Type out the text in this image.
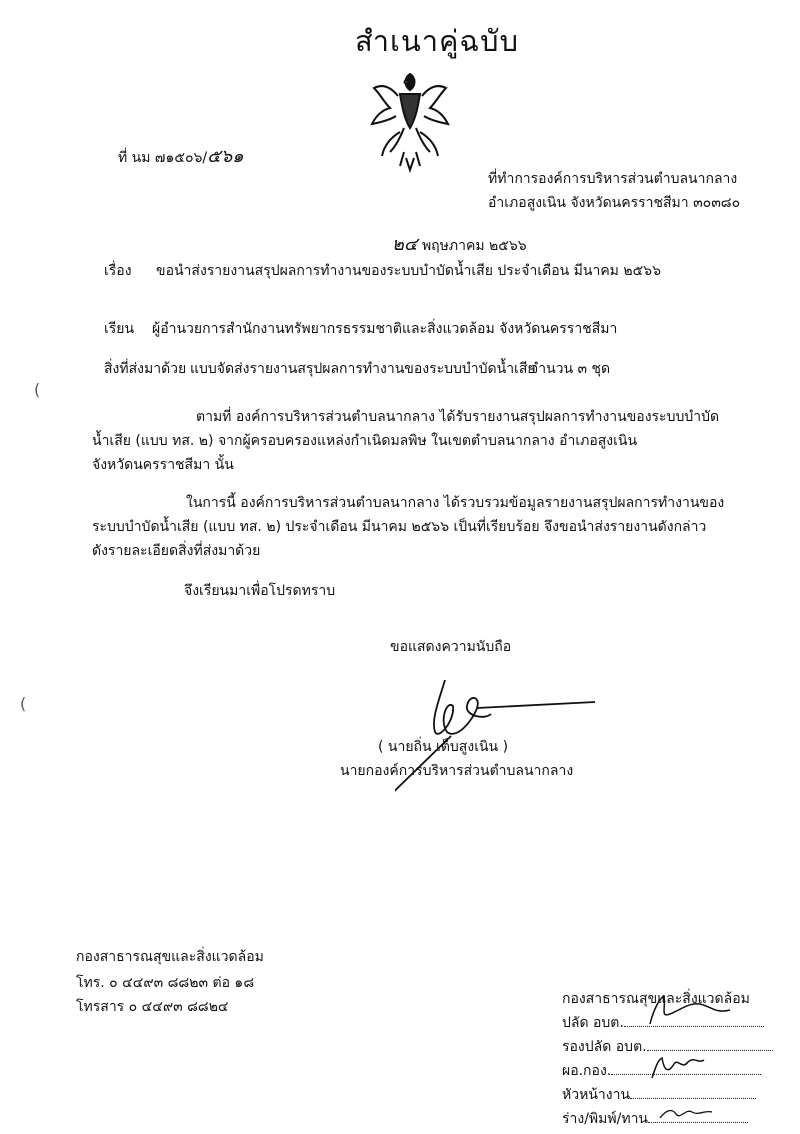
สำเนาคู่ฉบับ
ที่ นม ๗๑๕๐๖/๕๖๑
ที่ทำการองค์การบริหารส่วนตำบลนากลาง
อำเภอสูงเนิน จังหวัดนครราชสีมา ๓๐๓๘๐
๒๔ พฤษภาคม ๒๕๖๖
เรื่อง ขอนำส่งรายงานสรุปผลการทำงานของระบบบำบัดน้ำเสีย ประจำเดือน มีนาคม ๒๕๖๖
เรียน ผู้อำนวยการสำนักงานทรัพยากรธรรมชาติและสิ่งแวดล้อม จังหวัดนครราชสีมา
สิ่งที่ส่งมาด้วย แบบจัดส่งรายงานสรุปผลการทำงานของระบบบำบัดน้ำเสีย
จำนวน ๓ ชุด
ตามที่ องค์การบริหารส่วนตำบลนากลาง ได้รับรายงานสรุปผลการทำงานของระบบบำบัด
น้ำเสีย (แบบ ทส. ๒) จากผู้ครอบครองแหล่งกำเนิดมลพิษ ในเขตตำบลนากลาง อำเภอสูงเนิน
จังหวัดนครราชสีมา นั้น
ในการนี้ องค์การบริหารส่วนตำบลนากลาง ได้รวบรวมข้อมูลรายงานสรุปผลการทำงานของ
ระบบบำบัดน้ำเสีย (แบบ ทส. ๒) ประจำเดือน มีนาคม ๒๕๖๖ เป็นที่เรียบร้อย จึงขอนำส่งรายงานดังกล่าว
ดังรายละเอียดสิ่งที่ส่งมาด้วย
จึงเรียนมาเพื่อโปรดทราบ
ขอแสดงความนับถือ
( นายถิ่น เต็บสูงเนิน )
นายกองค์การบริหารส่วนตำบลนากลาง
กองสาธารณสุขและสิ่งแวดล้อม
โทร. ๐ ๔๔๙๓ ๘๘๒๓ ต่อ ๑๘
โทรสาร ๐ ๔๔๙๓ ๘๘๒๔	กองสาธารณสุขและสิ่งแวดล้อม
ปลัด อบต.
รองปลัด อบต.
ผอ.กอง.
หัวหน้างาน
ร่าง/พิมพ์/ทาน
(
(
